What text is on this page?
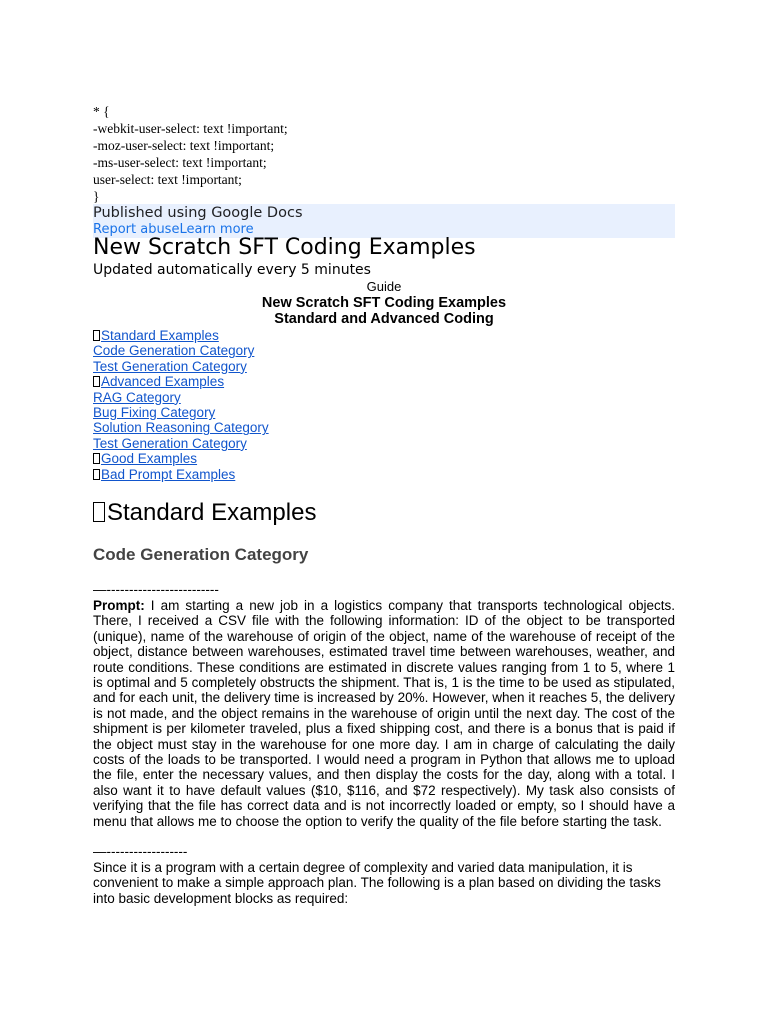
* {
-webkit-user-select: text !important;
-moz-user-select: text !important;
-ms-user-select: text !important;
user-select: text !important;
}
Published using Google Docs
Report abuseLearn more
New Scratch SFT Coding Examples
Updated automatically every 5 minutes
Guide
New Scratch SFT Coding Examples
Standard and Advanced Coding
Standard Examples
Code Generation Category
Test Generation Category
Advanced Examples
RAG Category
Bug Fixing Category
Solution Reasoning Category
Test Generation Category
Good Examples
Bad Prompt Examples
Standard Examples
Code Generation Category
—-------------------------
Prompt: I am starting a new job in a logistics company that transports technological objects. There, I received a CSV file with the following information: ID of the object to be transported (unique), name of the warehouse of origin of the object, name of the warehouse of receipt of the object, distance between warehouses, estimated travel time between warehouses, weather, and route conditions. These conditions are estimated in discrete values ranging from 1 to 5, where 1 is optimal and 5 completely obstructs the shipment. That is, 1 is the time to be used as stipulated, and for each unit, the delivery time is increased by 20%. However, when it reaches 5, the delivery is not made, and the object remains in the warehouse of origin until the next day. The cost of the shipment is per kilometer traveled, plus a fixed shipping cost, and there is a bonus that is paid if the object must stay in the warehouse for one more day. I am in charge of calculating the daily costs of the loads to be transported. I would need a program in Python that allows me to upload the file, enter the necessary values, and then display the costs for the day, along with a total. I also want it to have default values ($10, $116, and $72 respectively). My task also consists of verifying that the file has correct data and is not incorrectly loaded or empty, so I should have a menu that allows me to choose the option to verify the quality of the file before starting the task.
—------------------
Since it is a program with a certain degree of complexity and varied data manipulation, it is convenient to make a simple approach plan. The following is a plan based on dividing the tasks into basic development blocks as required:
